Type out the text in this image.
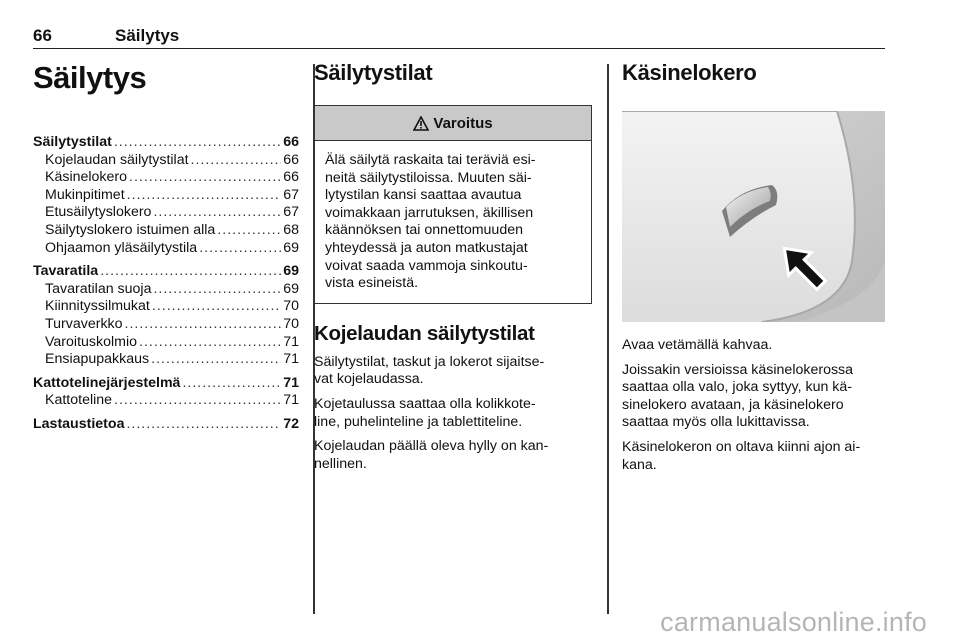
66	Säilytys
Säilytys
Säilytystilat .....	66
Kojelaudan säilytystilat .....	66
Käsinelokero .....	66
Mukinpitimet .....	67
Etusäilytyslokero .....	67
Säilytyslokero istuimen alla .....	68
Ohjaamon yläsäilytystila .....	69
Tavaratila .....	69
Tavaratilan suoja .....	69
Kiinnityssilmukat .....	70
Turvaverkko .....	70
Varoituskolmio .....	71
Ensiapupakkaus .....	71
Kattotelinejärjestelmä .....	71
Kattoteline .....	71
Lastaustietoa .....	72
Säilytystilat
Varoitus
Älä säilytä raskaita tai teräviä esi-
neitä säilytystiloissa. Muuten säi-
lytystilan kansi saattaa avautua
voimakkaan jarrutuksen, äkillisen
käännöksen tai onnettomuuden
yhteydessä ja auton matkustajat
voivat saada vammoja sinkoutu-
vista esineistä.
Kojelaudan säilytystilat

Säilytystilat, taskut ja lokerot sijaitse-
vat kojelaudassa.

Kojetaulussa saattaa olla kolikkote-
line, puhelinteline ja tablettiteline.

Kojelaudan päällä oleva hylly on kan-
nellinen.

Käsinelokero

Avaa vetämällä kahvaa.

Joissakin versioissa käsinelokerossa
saattaa olla valo, joka syttyy, kun kä-
sinelokero avataan, ja käsinelokero
saattaa myös olla lukittavissa.

Käsinelokeron on oltava kiinni ajon ai-
kana.

carmanualsonline.info
